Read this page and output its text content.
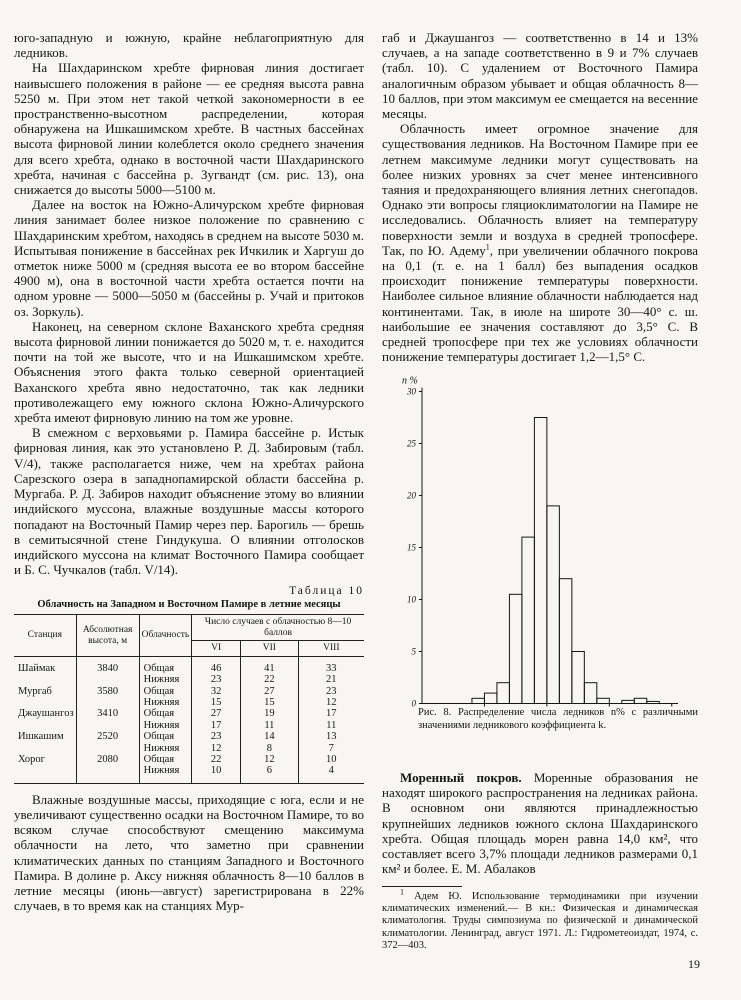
юго-западную и южную, крайне неблагоприятную для ледников.

На Шахдаринском хребте фирновая линия достигает наивысшего положения в районе — ее средняя высота равна 5250 м. При этом нет такой четкой закономерности в ее пространственно-высотном распределении, которая обнаружена на Ишкашимском хребте. В частных бассейнах высота фирновой линии колеблется около среднего значения для всего хребта, однако в восточной части Шахдаринского хребта, начиная с бассейна р. Зугвандт (см. рис. 13), она снижается до высоты 5000—5100 м.

Далее на восток на Южно-Аличурском хребте фирновая линия занимает более низкое положение по сравнению с Шахдаринским хребтом, находясь в среднем на высоте 5030 м. Испытывая понижение в бассейнах рек Ичкилик и Харгуш до отметок ниже 5000 м (средняя высота ее во втором бассейне 4900 м), она в восточной части хребта остается почти на одном уровне — 5000—5050 м (бассейны р. Учай и притоков оз. Зоркуль).

Наконец, на северном склоне Ваханского хребта средняя высота фирновой линии понижается до 5020 м, т. е. находится почти на той же высоте, что и на Ишкашимском хребте. Объяснения этого факта только северной ориентацией Ваханского хребта явно недостаточно, так как ледники противолежащего ему южного склона Южно-Аличурского хребта имеют фирновую линию на том же уровне.

В смежном с верховьями р. Памира бассейне р. Истык фирновая линия, как это установлено Р. Д. Забировым (табл. V/4), также располагается ниже, чем на хребтах района Сарезского озера в западнопамирской области бассейна р. Мургаба. Р. Д. Забиров находит объяснение этому во влиянии индийского муссона, влажные воздушные массы которого попадают на Восточный Памир через пер. Барогиль — брешь в семитысячной стене Гиндукуша. О влиянии отголосков индийского муссона на климат Восточного Памира сообщает и Б. С. Чучкалов (табл. V/14).

Таблица 10
Облачность на Западном и Восточном Памире в летние месяцы
Станция	Абсолютная высота, м	Облачность	Число случаев с облачностью 8—10 баллов		
			VI	VII	VIII

Шаймак	3840	Общая	46	41	33
		Нижняя	23	22	21
Мургаб	3580	Общая	32	27	23
		Нижняя	15	15	12
Джаушангоз	3410	Общая	27	19	17
		Нижняя	17	11	11
Ишкашим	2520	Общая	23	14	13
		Нижняя	12	8	7
Хорог	2080	Общая	22	12	10
		Нижняя	10	6	4

Влажные воздушные массы, приходящие с юга, если и не увеличивают существенно осадки на Восточном Памире, то во всяком случае способствуют смещению максимума облачности на лето, что заметно при сравнении климатических данных по станциям Западного и Восточного Памира. В долине р. Аксу нижняя облачность 8—10 баллов в летние месяцы (июнь—август) зарегистрирована в 22% случаев, в то время как на станциях Мур-

габ и Джаушангоз — соответственно в 14 и 13% случаев, а на западе соответственно в 9 и 7% случаев (табл. 10). С удалением от Восточного Памира аналогичным образом убывает и общая облачность 8—10 баллов, при этом максимум ее смещается на весенние месяцы.

Облачность имеет огромное значение для существования ледников. На Восточном Памире при ее летнем максимуме ледники могут существовать на более низких уровнях за счет менее интенсивного таяния и предохраняющего влияния летних снегопадов. Однако эти вопросы гляциоклиматологии на Памире не исследовались. Облачность влияет на температуру поверхности земли и воздуха в средней тропосфере. Так, по Ю. Адему$^1$, при увеличении облачного покрова на 0,1 (т. е. на 1 балл) без выпадения осадков происходит понижение температуры поверхности. Наиболее сильное влияние облачности наблюдается над континентами. Так, в июле на широте 30—40° с. ш. наибольшие ее значения составляют до 3,5° С. В средней тропосфере при тех же условиях облачности понижение температуры достигает 1,2—1,5° С.

0
5
10
15
20
25
30
n %

Рис. 8. Распределение числа ледников n% с различными значениями ледникового коэффициента k.

Моренный покров. Моренные образования не находят широкого распространения на ледниках района. В основном они являются принадлежностью крупнейших ледников южного склона Шахдаринского хребта. Общая площадь морен равна 14,0 км², что составляет всего 3,7% площади ледников размерами 0,1 км² и более. Е. М. Абалаков

$^1$ Адем Ю. Использование термодинамики при изучении климатических изменений.— В кн.: Физическая и динамическая климатология. Труды симпозиума по физической и динамической климатологии. Ленинград, август 1971. Л.: Гидрометеоиздат, 1974, с. 372—403.

19
